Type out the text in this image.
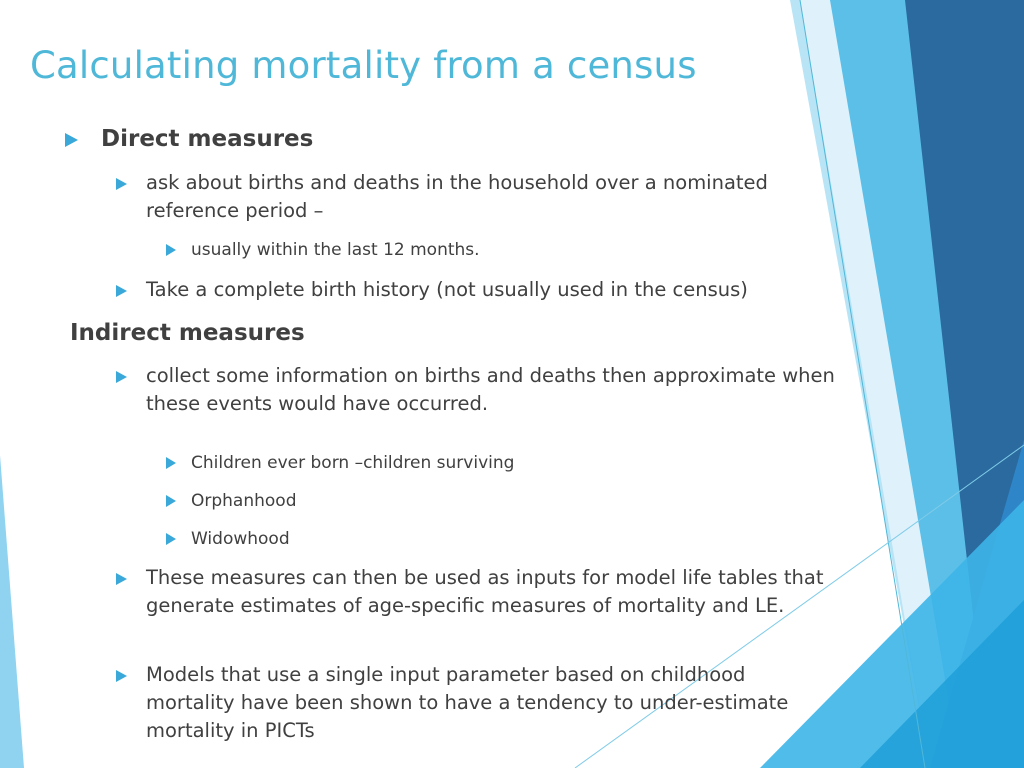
Calculating mortality from a census
Direct measures
ask about births and deaths in the household over a nominated reference period –
usually within the last 12 months.
Take a complete birth history (not usually used in the census)
Indirect measures
collect some information on births and deaths then approximate when these events would have occurred.
Children ever born –children surviving
Orphanhood
Widowhood
These measures can then be used as inputs for model life tables that generate estimates of age-specific measures of mortality and LE.
Models that use a single input parameter based on childhood mortality have been shown to have a tendency to under-estimate mortality in PICTs
